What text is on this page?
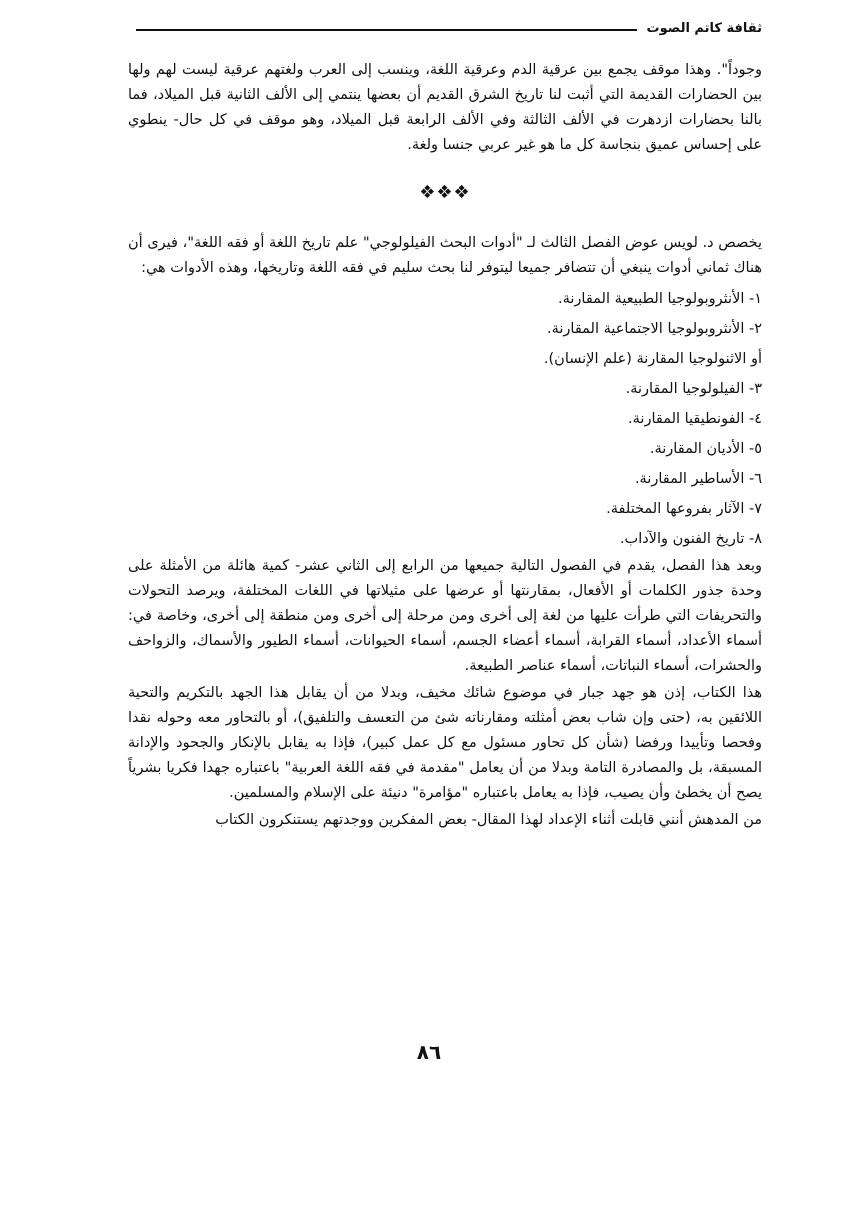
ثقافة كاتم الصوت

وجوداً". وهذا موقف يجمع بين عرقية الدم وعرقية اللغة، وينسب إلى العرب ولغتهم عرقية ليست لهم ولها بين الحضارات القديمة التي أثبت لنا تاريخ الشرق القديم أن بعضها ينتمي إلى الألف الثانية قبل الميلاد، فما بالنا بحضارات ازدهرت في الألف الثالثة وفي الألف الرابعة قبل الميلاد، وهو موقف في كل حال- ينطوي على إحساس عميق بنجاسة كل ما هو غير عربي جنسا ولغة.

❖❖❖

يخصص د. لويس عوض الفصل الثالث لـ "أدوات البحث الفيلولوجي" علم تاريخ اللغة أو فقه اللغة"، فيرى أن هناك ثماني أدوات ينبغي أن تتضافر جميعا ليتوفر لنا بحث سليم في فقه اللغة وتاريخها، وهذه الأدوات هي:

١- الأنثروبولوجيا الطبيعية المقارنة.
٢- الأنثروبولوجيا الاجتماعية المقارنة.
أو الاثنولوجيا المقارنة (علم الإنسان).
٣- الفيلولوجيا المقارنة.
٤- الفونطيقيا المقارنة.
٥- الأديان المقارنة.
٦- الأساطير المقارنة.
٧- الآثار بفروعها المختلفة.
٨- تاريخ الفنون والآداب.

وبعد هذا الفصل، يقدم في الفصول التالية جميعها من الرابع إلى الثاني عشر- كمية هائلة من الأمثلة على وحدة جذور الكلمات أو الأفعال، بمقارنتها أو عرضها على مثيلاتها في اللغات المختلفة، ويرصد التحولات والتحريفات التي طرأت عليها من لغة إلى أخرى ومن مرحلة إلى أخرى ومن منطقة إلى أخرى، وخاصة في: أسماء الأعداد، أسماء القرابة، أسماء أعضاء الجسم، أسماء الحيوانات، أسماء الطيور والأسماك، والزواحف والحشرات، أسماء النباتات، أسماء عناصر الطبيعة.

هذا الكتاب، إذن هو جهد جبار في موضوع شائك مخيف، وبدلا من أن يقابل هذا الجهد بالتكريم والتحية اللائقين به، (حتى وإن شاب بعض أمثلته ومقارناته شئ من التعسف والتلفيق)، أو بالتحاور معه وحوله نقدا وفحصا وتأييدا ورفضا (شأن كل تحاور مسئول مع كل عمل كبير)، فإذا به يقابل بالإنكار والجحود والإدانة المسبقة، بل والمصادرة التامة وبدلا من أن يعامل "مقدمة في فقه اللغة العربية" باعتباره جهدا فكريا بشرياً يصح أن يخطئ وأن يصيب، فإذا به يعامل باعتباره "مؤامرة" دنيئة على الإسلام والمسلمين.

من المدهش أنني قابلت أثناء الإعداد لهذا المقال- بعض المفكرين ووجدتهم يستنكرون الكتاب

٨٦
